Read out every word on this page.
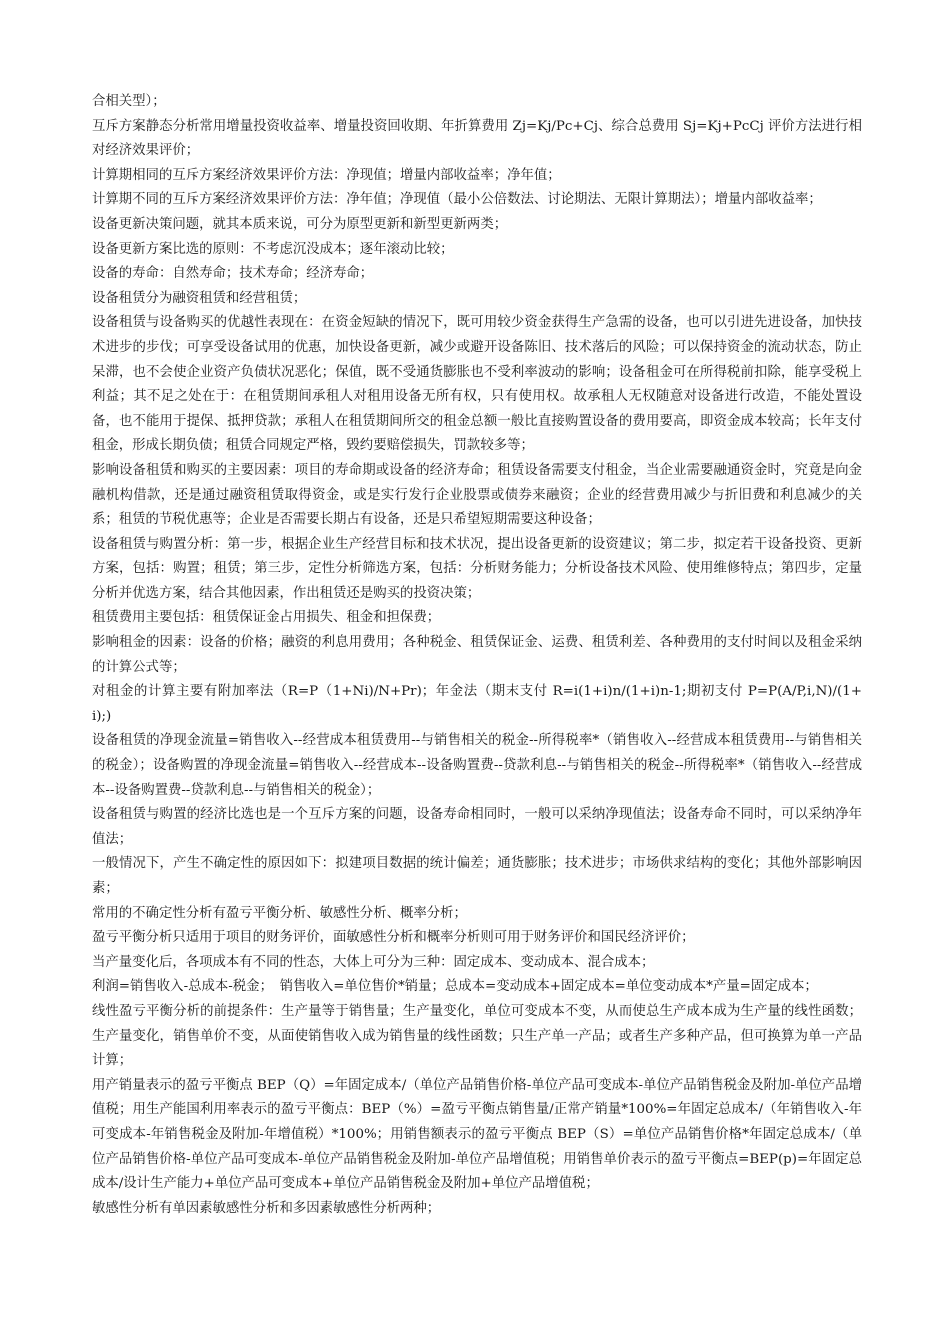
合相关型）；

互斥方案静态分析常用增量投资收益率、增量投资回收期、年折算费用 Zj=Kj/Pc+Cj、综合总费用 Sj=Kj+PcCj 评价方法进行相对经济效果评价；

计算期相同的互斥方案经济效果评价方法：净现值；增量内部收益率；净年值；

计算期不同的互斥方案经济效果评价方法：净年值；净现值（最小公倍数法、讨论期法、无限计算期法）；增量内部收益率；

设备更新决策问题，就其本质来说，可分为原型更新和新型更新两类；

设备更新方案比选的原则：不考虑沉没成本；逐年滚动比较；

设备的寿命：自然寿命；技术寿命；经济寿命；

设备租赁分为融资租赁和经营租赁；

设备租赁与设备购买的优越性表现在：在资金短缺的情况下，既可用较少资金获得生产急需的设备，也可以引进先进设备，加快技术进步的步伐；可享受设备试用的优惠，加快设备更新，减少或避开设备陈旧、技术落后的风险；可以保持资金的流动状态，防止呆滞，也不会使企业资产负债状况恶化；保值，既不受通货膨胀也不受利率波动的影响；设备租金可在所得税前扣除，能享受税上利益；其不足之处在于：在租赁期间承租人对租用设备无所有权，只有使用权。故承租人无权随意对设备进行改造，不能处置设备，也不能用于提保、抵押贷款；承租人在租赁期间所交的租金总额一般比直接购置设备的费用要高，即资金成本较高；长年支付租金，形成长期负债；租赁合同规定严格，毁约要赔偿损失，罚款较多等；

影响设备租赁和购买的主要因素：项目的寿命期或设备的经济寿命；租赁设备需要支付租金，当企业需要融通资金时，究竟是向金融机构借款，还是通过融资租赁取得资金，或是实行发行企业股票或债券来融资；企业的经营费用减少与折旧费和利息减少的关系；租赁的节税优惠等；企业是否需要长期占有设备，还是只希望短期需要这种设备；

设备租赁与购置分析：第一步，根据企业生产经营目标和技术状况，提出设备更新的设资建议；第二步，拟定若干设备投资、更新方案，包括：购置；租赁；第三步，定性分析筛选方案，包括：分析财务能力；分析设备技术风险、使用维修特点；第四步，定量分析并优选方案，结合其他因素，作出租赁还是购买的投资决策；

租赁费用主要包括：租赁保证金占用损失、租金和担保费；

影响租金的因素：设备的价格；融资的利息用费用；各种税金、租赁保证金、运费、租赁利差、各种费用的支付时间以及租金采纳的计算公式等；

对租金的计算主要有附加率法（R=P（1+Ni)/N+Pr)；年金法（期末支付 R=i(1+i)n/(1+i)n-1;期初支付 P=P(A/P,i,N)/(1+i);)

设备租赁的净现金流量=销售收入--经营成本租赁费用--与销售相关的税金--所得税率*（销售收入--经营成本租赁费用--与销售相关的税金）；设备购置的净现金流量=销售收入--经营成本--设备购置费--贷款利息--与销售相关的税金--所得税率*（销售收入--经营成本--设备购置费--贷款利息--与销售相关的税金）；

设备租赁与购置的经济比选也是一个互斥方案的问题，设备寿命相同时，一般可以采纳净现值法；设备寿命不同时，可以采纳净年值法；

一般情况下，产生不确定性的原因如下：拟建项目数据的统计偏差；通货膨胀；技术进步；市场供求结构的变化；其他外部影响因素；

常用的不确定性分析有盈亏平衡分析、敏感性分析、概率分析；

盈亏平衡分析只适用于项目的财务评价，面敏感性分析和概率分析则可用于财务评价和国民经济评价；

当产量变化后，各项成本有不同的性态，大体上可分为三种：固定成本、变动成本、混合成本；

利润=销售收入-总成本-税金；　销售收入=单位售价*销量；总成本=变动成本+固定成本=单位变动成本*产量=固定成本；

线性盈亏平衡分析的前提条件：生产量等于销售量；生产量变化，单位可变成本不变，从而使总生产成本成为生产量的线性函数；生产量变化，销售单价不变，从面使销售收入成为销售量的线性函数；只生产单一产品；或者生产多种产品，但可换算为单一产品计算；

用产销量表示的盈亏平衡点 BEP（Q）=年固定成本/（单位产品销售价格-单位产品可变成本-单位产品销售税金及附加-单位产品增值税；用生产能国利用率表示的盈亏平衡点：BEP（%）=盈亏平衡点销售量/正常产销量*100%=年固定总成本/（年销售收入-年可变成本-年销售税金及附加-年增值税）*100%；用销售额表示的盈亏平衡点 BEP（S）=单位产品销售价格*年固定总成本/（单位产品销售价格-单位产品可变成本-单位产品销售税金及附加-单位产品增值税；用销售单价表示的盈亏平衡点=BEP(p)=年固定总成本/设计生产能力+单位产品可变成本+单位产品销售税金及附加+单位产品增值税；

敏感性分析有单因素敏感性分析和多因素敏感性分析两种；
